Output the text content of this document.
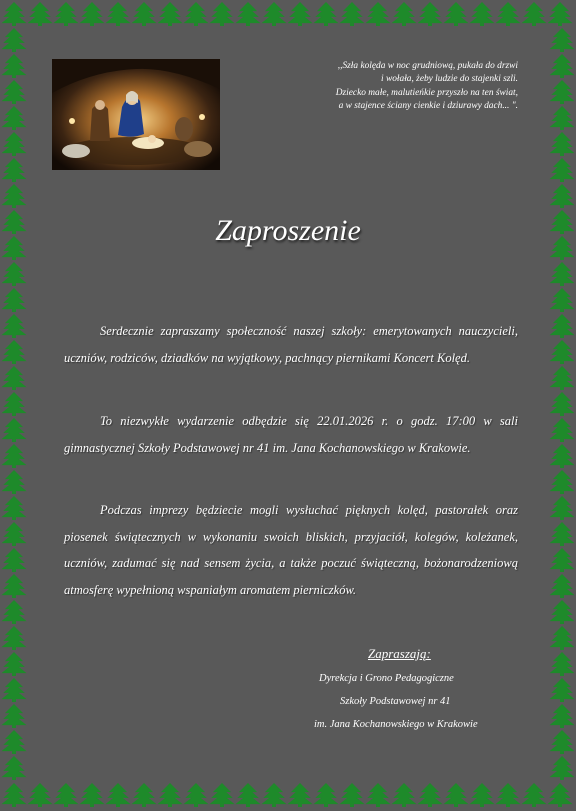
,,Szła kolęda w noc grudniową, pukała do drzwi
i wołała, żeby ludzie do stajenki szli.
Dziecko małe, malutieńkie przyszło na ten świat,
a w stajence ściany cienkie i dziurawy dach... ".
Zaproszenie
Serdecznie zapraszamy społeczność naszej szkoły: emerytowanych nauczycieli, uczniów, rodziców, dziadków na wyjątkowy, pachnący piernikami Koncert Kolęd.
To niezwykłe wydarzenie odbędzie się 22.01.2026 r. o godz. 17:00 w sali gimnastycznej Szkoły Podstawowej nr 41 im. Jana Kochanowskiego w Krakowie.
Podczas imprezy będziecie mogli wysłuchać pięknych kolęd, pastorałek oraz piosenek świątecznych w wykonaniu swoich bliskich, przyjaciół, kolegów, koleżanek, uczniów, zadumać się nad sensem życia, a także poczuć świąteczną, bożonarodzeniową atmosferę wypełnioną wspaniałym aromatem pierniczków.
Zapraszają:
Dyrekcja i Grono Pedagogiczne
Szkoły Podstawowej nr 41
im. Jana Kochanowskiego w Krakowie
